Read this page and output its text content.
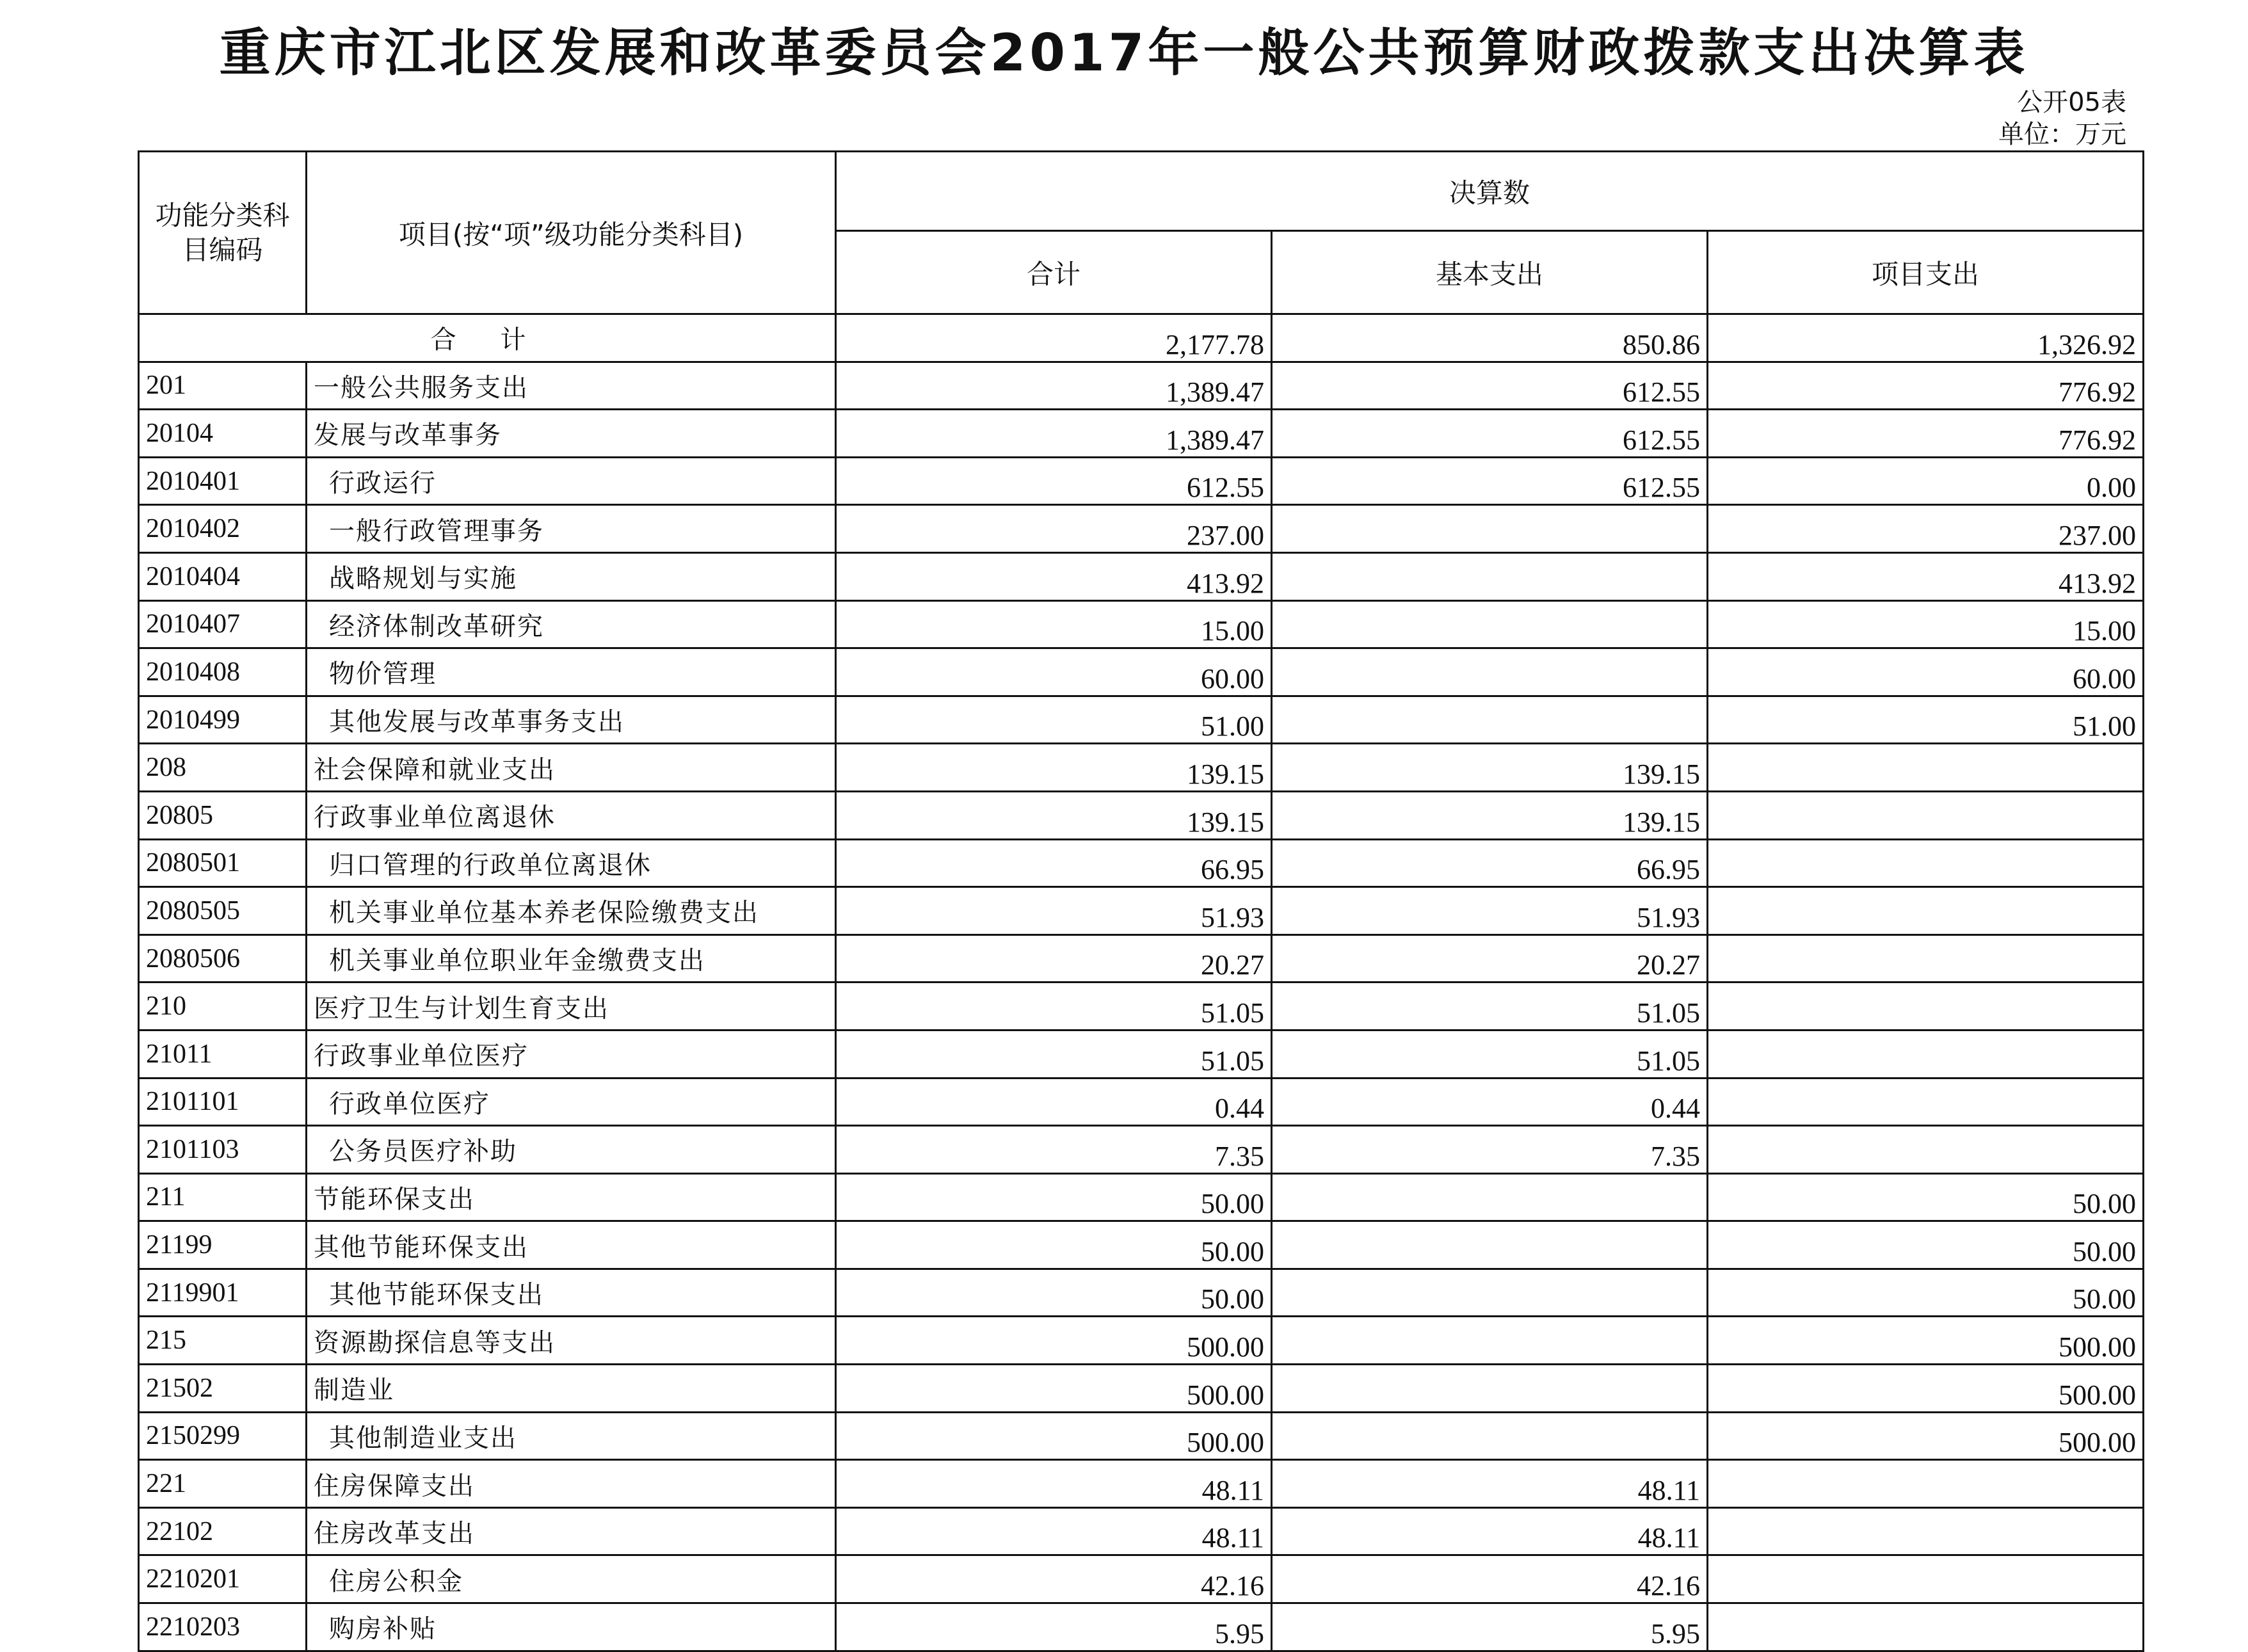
重庆市江北区发展和改革委员会2017年一般公共预算财政拨款支出决算表
公开05表
单位：万元
功能分类科目编码	项目(按“项”级功能分类科目)	决算数		
		合计	基本支出	项目支出
合 计		2,177.78	850.86	1,326.92
201	一般公共服务支出	1,389.47	612.55	776.92
20104	发展与改革事务	1,389.47	612.55	776.92
2010401	行政运行	612.55	612.55	0.00
2010402	一般行政管理事务	237.00		237.00
2010404	战略规划与实施	413.92		413.92
2010407	经济体制改革研究	15.00		15.00
2010408	物价管理	60.00		60.00
2010499	其他发展与改革事务支出	51.00		51.00
208	社会保障和就业支出	139.15	139.15	
20805	行政事业单位离退休	139.15	139.15	
2080501	归口管理的行政单位离退休	66.95	66.95	
2080505	机关事业单位基本养老保险缴费支出	51.93	51.93	
2080506	机关事业单位职业年金缴费支出	20.27	20.27	
210	医疗卫生与计划生育支出	51.05	51.05	
21011	行政事业单位医疗	51.05	51.05	
2101101	行政单位医疗	0.44	0.44	
2101103	公务员医疗补助	7.35	7.35	
211	节能环保支出	50.00		50.00
21199	其他节能环保支出	50.00		50.00
2119901	其他节能环保支出	50.00		50.00
215	资源勘探信息等支出	500.00		500.00
21502	制造业	500.00		500.00
2150299	其他制造业支出	500.00		500.00
221	住房保障支出	48.11	48.11	
22102	住房改革支出	48.11	48.11	
2210201	住房公积金	42.16	42.16	
2210203	购房补贴	5.95	5.95	
